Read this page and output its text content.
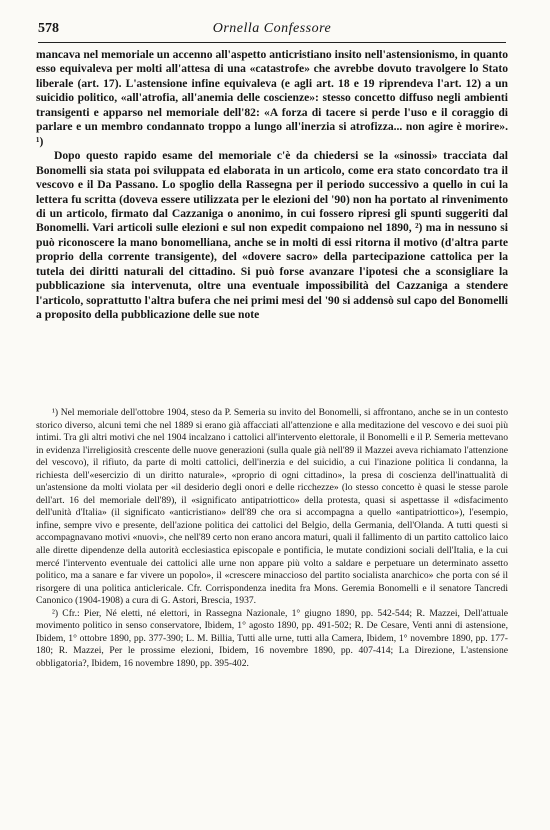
578	Ornella Confessore

mancava nel memoriale un accenno all'aspetto anticristiano insito nell'astensionismo, in quanto esso equivaleva per molti all'attesa di una «catastrofe» che avrebbe dovuto travolgere lo Stato liberale (art. 17). L'astensione infine equivaleva (e agli art. 18 e 19 riprendeva l'art. 12) a un suicidio politico, «all'atrofia, all'anemia delle coscienze»: stesso concetto diffuso negli ambienti transigenti e apparso nel memoriale dell'82: «A forza di tacere si perde l'uso e il coraggio di parlare e un membro condannato troppo a lungo all'inerzia si atrofizza... non agire è morire». ¹)

Dopo questo rapido esame del memoriale c'è da chiedersi se la «sinossi» tracciata dal Bonomelli sia stata poi sviluppata ed elaborata in un articolo, come era stato concordato tra il vescovo e il Da Passano. Lo spoglio della Rassegna per il periodo successivo a quello in cui la lettera fu scritta (doveva essere utilizzata per le elezioni del '90) non ha portato al rinvenimento di un articolo, firmato dal Cazzaniga o anonimo, in cui fossero ripresi gli spunti suggeriti dal Bonomelli. Vari articoli sulle elezioni e sul non expedit compaiono nel 1890, ²) ma in nessuno si può riconoscere la mano bonomelliana, anche se in molti di essi ritorna il motivo (d'altra parte proprio della corrente transigente), del «dovere sacro» della partecipazione cattolica per la tutela dei diritti naturali del cittadino. Si può forse avanzare l'ipotesi che a sconsigliare la pubblicazione sia intervenuta, oltre una eventuale impossibilità del Cazzaniga a stendere l'articolo, soprattutto l'altra bufera che nei primi mesi del '90 si addensò sul capo del Bonomelli a proposito della pubblicazione delle sue note

¹) Nel memoriale dell'ottobre 1904, steso da P. Semeria su invito del Bonomelli, si affrontano, anche se in un contesto storico diverso, alcuni temi che nel 1889 si erano già affacciati all'attenzione e alla meditazione del vescovo e dei suoi più intimi. Tra gli altri motivi che nel 1904 incalzano i cattolici all'intervento elettorale, il Bonomelli e il P. Semeria mettevano in evidenza l'irreligiosità crescente delle nuove generazioni (sulla quale già nell'89 il Mazzei aveva richiamato l'attenzione del vescovo), il rifiuto, da parte di molti cattolici, dell'inerzia e del suicidio, a cui l'inazione politica li condanna, la richiesta dell'«esercizio di un diritto naturale», «proprio di ogni cittadino», la presa di coscienza dell'inattualità di un'astensione da molti violata per «il desiderio degli onori e delle ricchezze» (lo stesso concetto è quasi le stesse parole dell'art. 16 del memoriale dell'89), il «significato antipatriottico» della protesta, quasi si aspettasse il «disfacimento dell'unità d'Italia» (il significato «anticristiano» dell'89 che ora si accompagna a quello «antipatriottico»), l'esempio, infine, sempre vivo e presente, dell'azione politica dei cattolici del Belgio, della Germania, dell'Olanda. A tutti questi si accompagnavano motivi «nuovi», che nell'89 certo non erano ancora maturi, quali il fallimento di un partito cattolico laico alle dirette dipendenze della autorità ecclesiastica episcopale e pontificia, le mutate condizioni sociali dell'Italia, e la cui mercé l'intervento eventuale dei cattolici alle urne non appare più volto a saldare e perpetuare un determinato assetto politico, ma a sanare e far vivere un popolo», il «crescere minaccioso del partito socialista anarchico» che porta con sé il risorgere di una politica anticlericale. Cfr. Corrispondenza inedita fra Mons. Geremia Bonomelli e il senatore Tancredi Canonico (1904-1908) a cura di G. Astori, Brescia, 1937.

²) Cfr.: Pier, Né eletti, né elettori, in Rassegna Nazionale, 1° giugno 1890, pp. 542-544; R. Mazzei, Dell'attuale movimento politico in senso conservatore, Ibidem, 1° agosto 1890, pp. 491-502; R. De Cesare, Venti anni di astensione, Ibidem, 1° ottobre 1890, pp. 377-390; L. M. Billia, Tutti alle urne, tutti alla Camera, Ibidem, 1° novembre 1890, pp. 177-180; R. Mazzei, Per le prossime elezioni, Ibidem, 16 novembre 1890, pp. 407-414; La Direzione, L'astensione obbligatoria?, Ibidem, 16 novembre 1890, pp. 395-402.
